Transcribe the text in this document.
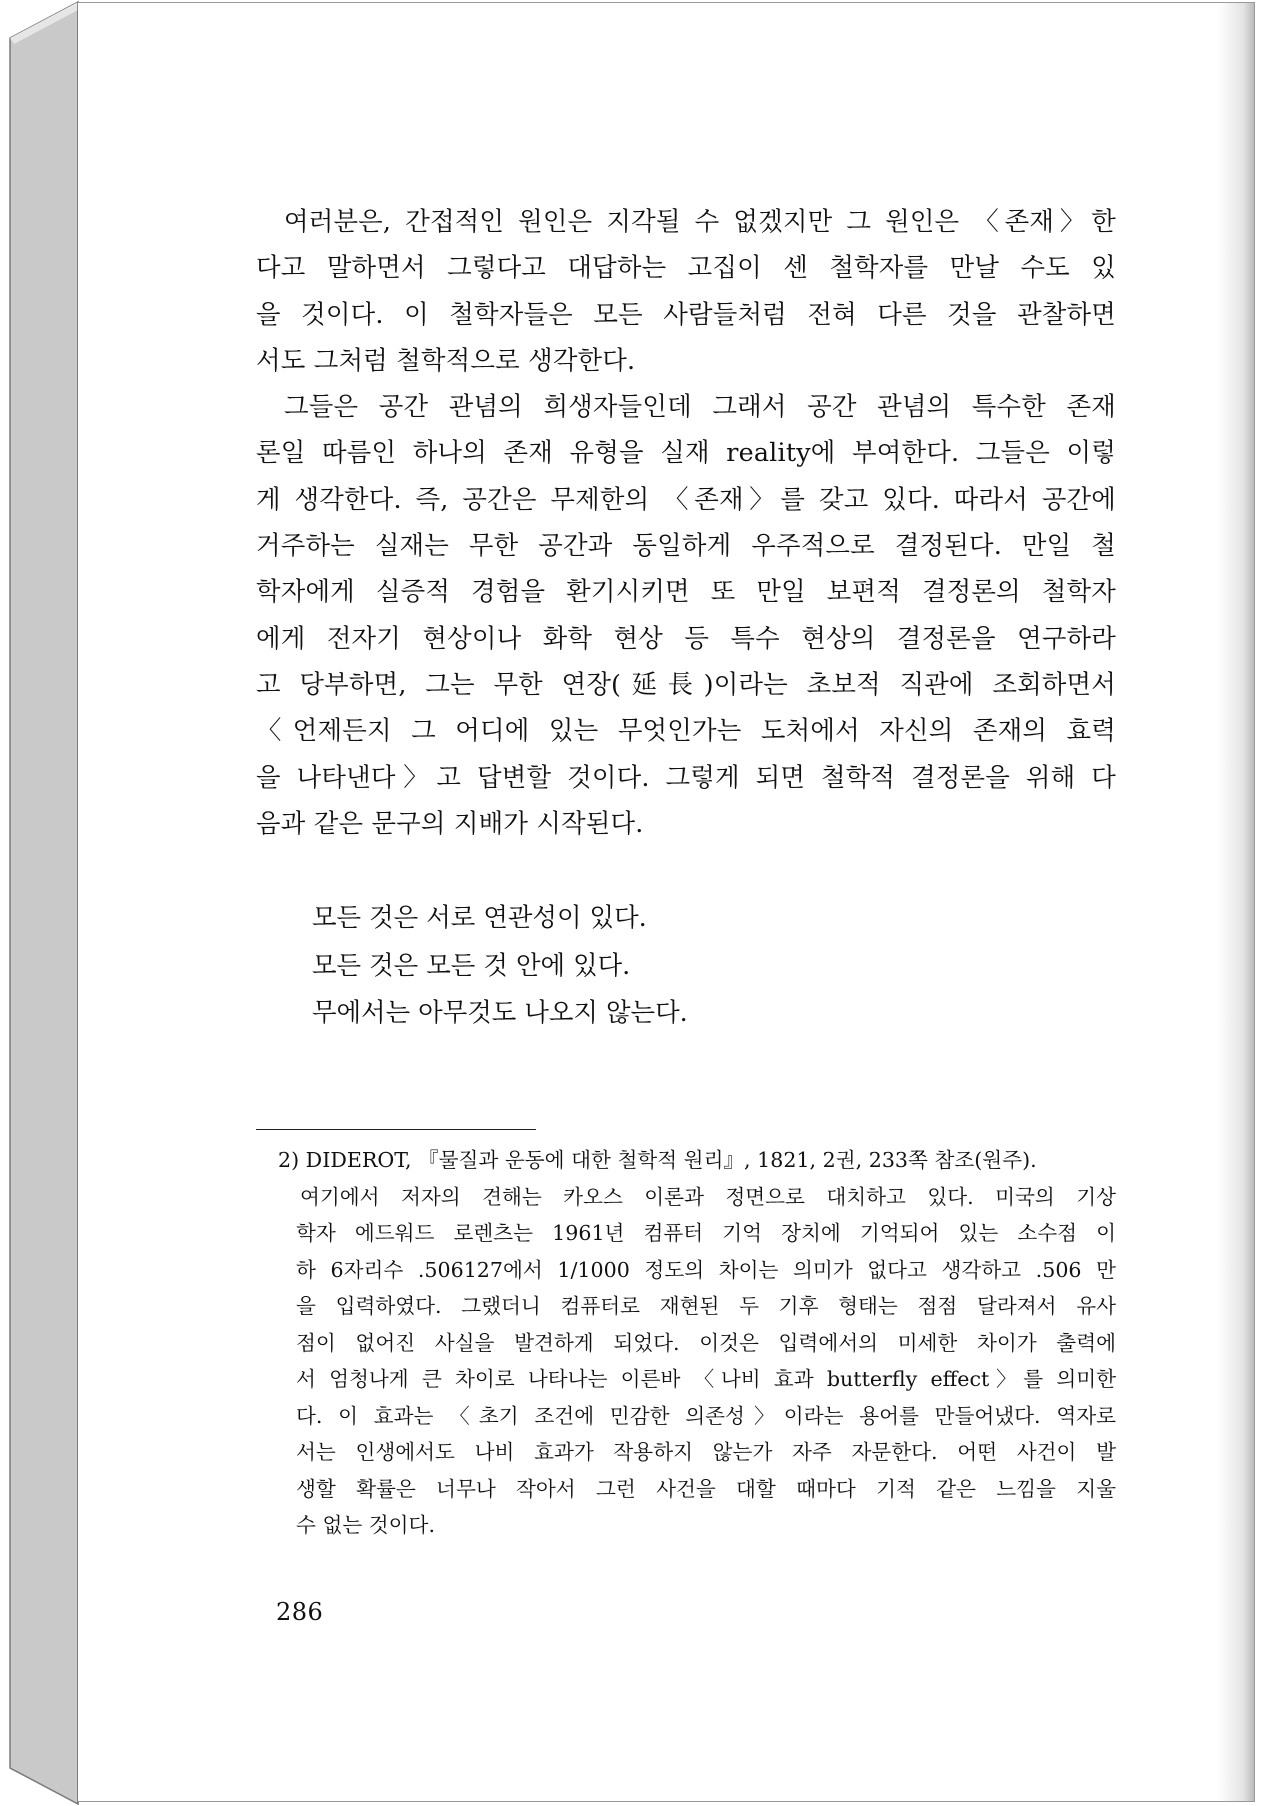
여러분은, 간접적인 원인은 지각될 수 없겠지만 그 원인은 〈존재〉한
다고 말하면서 그렇다고 대답하는 고집이 센 철학자를 만날 수도 있
을 것이다. 이 철학자들은 모든 사람들처럼 전혀 다른 것을 관찰하면
서도 그처럼 철학적으로 생각한다.

그들은 공간 관념의 희생자들인데 그래서 공간 관념의 특수한 존재
론일 따름인 하나의 존재 유형을 실재 reality에 부여한다. 그들은 이렇
게 생각한다. 즉, 공간은 무제한의 〈존재〉를 갖고 있다. 따라서 공간에
거주하는 실재는 무한 공간과 동일하게 우주적으로 결정된다. 만일 철
학자에게 실증적 경험을 환기시키면 또 만일 보편적 결정론의 철학자
에게 전자기 현상이나 화학 현상 등 특수 현상의 결정론을 연구하라
고 당부하면, 그는 무한 연장(延長)이라는 초보적 직관에 조회하면서
〈언제든지 그 어디에 있는 무엇인가는 도처에서 자신의 존재의 효력
을 나타낸다〉고 답변할 것이다. 그렇게 되면 철학적 결정론을 위해 다
음과 같은 문구의 지배가 시작된다.

모든 것은 서로 연관성이 있다.
모든 것은 모든 것 안에 있다.
무에서는 아무것도 나오지 않는다.
2) DIDEROT, 『물질과 운동에 대한 철학적 원리』, 1821, 2권, 233쪽 참조(원주).
여기에서 저자의 견해는 카오스 이론과 정면으로 대치하고 있다. 미국의 기상
학자 에드워드 로렌츠는 1961년 컴퓨터 기억 장치에 기억되어 있는 소수점 이
하 6자리수 .506127에서 1/1000 정도의 차이는 의미가 없다고 생각하고 .506 만
을 입력하였다. 그랬더니 컴퓨터로 재현된 두 기후 형태는 점점 달라져서 유사
점이 없어진 사실을 발견하게 되었다. 이것은 입력에서의 미세한 차이가 출력에
서 엄청나게 큰 차이로 나타나는 이른바 〈나비 효과 butterfly effect〉를 의미한
다. 이 효과는 〈초기 조건에 민감한 의존성〉이라는 용어를 만들어냈다. 역자로
서는 인생에서도 나비 효과가 작용하지 않는가 자주 자문한다. 어떤 사건이 발
생할 확률은 너무나 작아서 그런 사건을 대할 때마다 기적 같은 느낌을 지울
수 없는 것이다.
286
